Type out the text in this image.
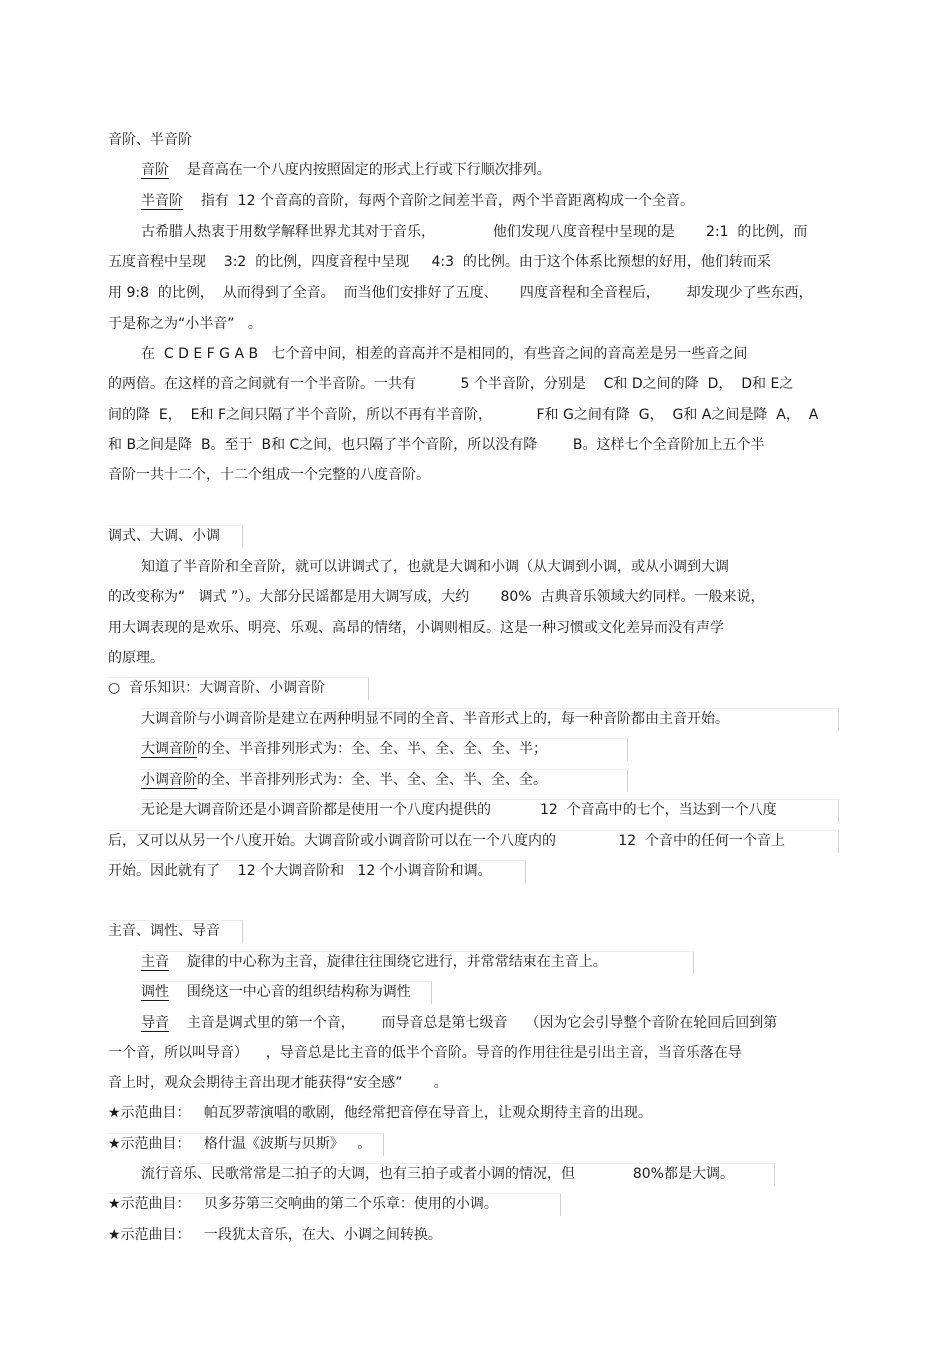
音阶、半音阶
音阶 是音高在一个八度内按照固定的形式上行或下行顺次排列。
半音阶 指有  12 个音高的音阶，每两个音阶之间差半音，两个半音距离构成一个全音。
古希腊人热衷于用数学解释世界尤其对于音乐，             他们发现八度音程中呈现的是       2:1  的比例，而
五度音程中呈现    3:2  的比例，四度音程中呈现     4:3  的比例。由于这个体系比预想的好用，他们转而采
用 9:8  的比例，  从而得到了全音。  而当他们安排好了五度、     四度音程和全音程后，      却发现少了些东西，
于是称之为“小半音”   。
在  C D E F G A B   七个音中间，相差的音高并不是相同的，有些音之间的音高差是另一些音之间
的两倍。在这样的音之间就有一个半音阶。一共有          5 个半音阶，分别是    C和 D之间的降  D，  D和 E之
间的降  E，  E和 F之间只隔了半个音阶，所以不再有半音阶，          F和 G之间有降  G，  G和 A之间是降  A，  A
和 B之间是降  B。至于  B和 C之间，也只隔了半个音阶，所以没有降        B。这样七个全音阶加上五个半
音阶一共十二个，十二个组成一个完整的八度音阶。
调式、大调、小调
知道了半音阶和全音阶，就可以讲调式了，也就是大调和小调（从大调到小调，或从小调到大调
的改变称为“   调式 ”）。大部分民谣都是用大调写成，大约       80%  古典音乐领域大约同样。一般来说，
用大调表现的是欢乐、明亮、乐观、高昂的情绪，小调则相反。这是一种习惯或文化差异而没有声学
的原理。
○  音乐知识：大调音阶、小调音阶
大调音阶与小调音阶是建立在两种明显不同的全音、半音形式上的，每一种音阶都由主音开始。
大调音阶的全、半音排列形式为：全、全、半、全、全、全、半；
小调音阶的全、半音排列形式为：全、半、全、全、半、全、全。
无论是大调音阶还是小调音阶都是使用一个八度内提供的           12  个音高中的七个，当达到一个八度
后，又可以从另一个八度开始。大调音阶或小调音阶可以在一个八度内的              12  个音中的任何一个音上
开始。因此就有了    12 个大调音阶和   12 个小调音阶和调。
主音、调性、导音
主音 旋律的中心称为主音，旋律往往围绕它进行，并常常结束在主音上。
调性 围绕这一中心音的组织结构称为调性
导音 主音是调式里的第一个音，      而导音总是第七级音    （因为它会引导整个音阶在轮回后回到第
一个音，所以叫导音）    ，导音总是比主音的低半个音阶。导音的作用往往是引出主音，当音乐落在导
音上时，观众会期待主音出现才能获得“安全感”       。
★示范曲目：   帕瓦罗蒂演唱的歌剧，他经常把音停在导音上，让观众期待主音的出现。
★示范曲目：   格什温《波斯与贝斯》   。
流行音乐、民歌常常是二拍子的大调，也有三拍子或者小调的情况，但             80%都是大调。
★示范曲目：   贝多芬第三交响曲的第二个乐章：使用的小调。
★示范曲目：   一段犹太音乐，在大、小调之间转换。
